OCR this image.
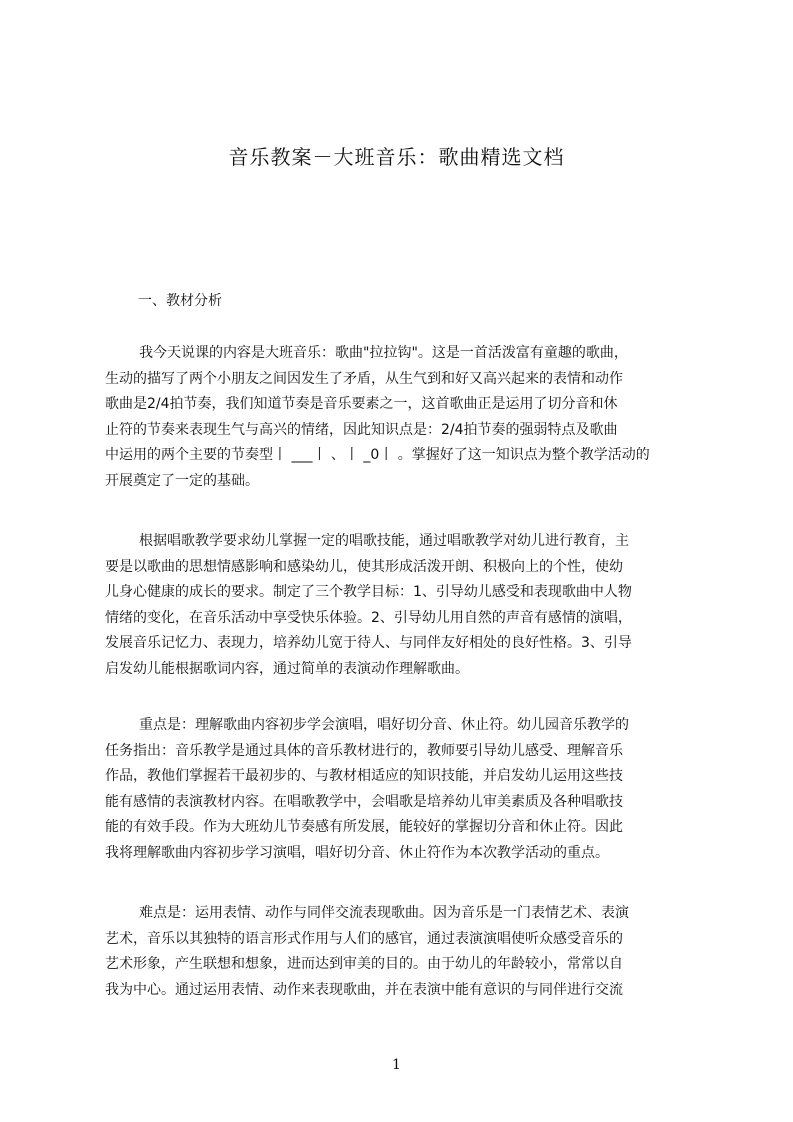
音乐教案－大班音乐：歌曲精选文档
一、教材分析
我今天说课的内容是大班音乐：歌曲"拉拉钩"。这是一首活泼富有童趣的歌曲，
生动的描写了两个小朋友之间因发生了矛盾，从生气到和好又高兴起来的表情和动作
歌曲是2/4拍节奏，我们知道节奏是音乐要素之一，这首歌曲正是运用了切分音和休
止符的节奏来表现生气与高兴的情绪，因此知识点是：2/4拍节奏的强弱特点及歌曲
中运用的两个主要的节奏型丨 ___丨 、丨 _0丨 。掌握好了这一知识点为整个教学活动的
开展奠定了一定的基础。
根据唱歌教学要求幼儿掌握一定的唱歌技能，通过唱歌教学对幼儿进行教育，主
要是以歌曲的思想情感影响和感染幼儿，使其形成活泼开朗、积极向上的个性，使幼
儿身心健康的成长的要求。制定了三个教学目标：1、引导幼儿感受和表现歌曲中人物
情绪的变化，在音乐活动中享受快乐体验。2、引导幼儿用自然的声音有感情的演唱，
发展音乐记忆力、表现力，培养幼儿宽于待人、与同伴友好相处的良好性格。3、引导
启发幼儿能根据歌词内容，通过简单的表演动作理解歌曲。
重点是：理解歌曲内容初步学会演唱，唱好切分音、休止符。幼儿园音乐教学的
任务指出：音乐教学是通过具体的音乐教材进行的，教师要引导幼儿感受、理解音乐
作品，教他们掌握若干最初步的、与教材相适应的知识技能，并启发幼儿运用这些技
能有感情的表演教材内容。在唱歌教学中，会唱歌是培养幼儿审美素质及各种唱歌技
能的有效手段。作为大班幼儿节奏感有所发展，能较好的掌握切分音和休止符。因此
我将理解歌曲内容初步学习演唱，唱好切分音、休止符作为本次教学活动的重点。
难点是：运用表情、动作与同伴交流表现歌曲。因为音乐是一门表情艺术、表演
艺术，音乐以其独特的语言形式作用与人们的感官，通过表演演唱使听众感受音乐的
艺术形象，产生联想和想象，进而达到审美的目的。由于幼儿的年龄较小，常常以自
我为中心。通过运用表情、动作来表现歌曲，并在表演中能有意识的与同伴进行交流
1
